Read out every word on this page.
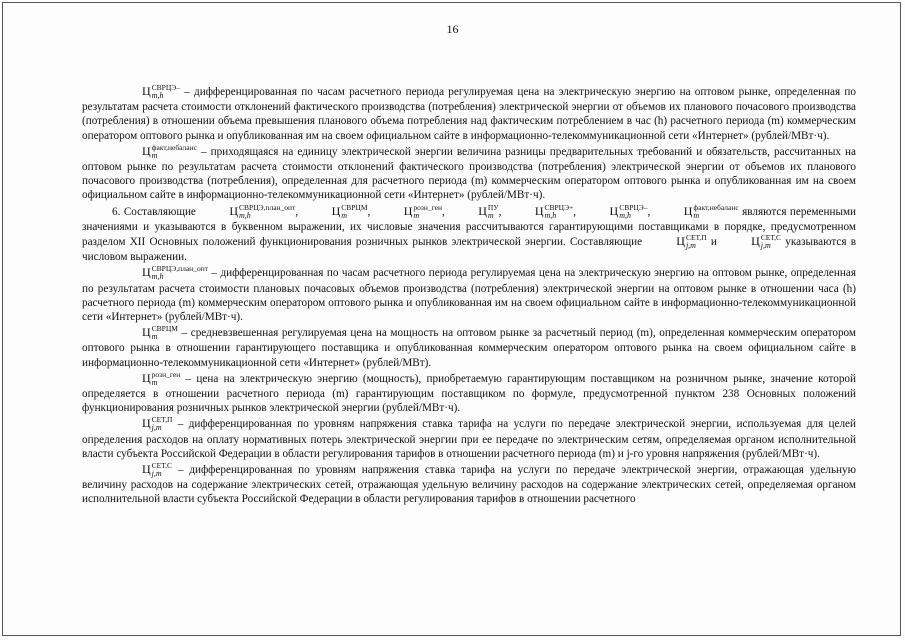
16

$Ц^{СВРЦЭ-}_{m,h}$ – дифференцированная по часам расчетного периода регулируемая цена на электрическую энергию на оптовом рынке, определенная по результатам расчета стоимости отклонений фактического производства (потребления) электрической энергии от объемов их планового почасового производства (потребления) в отношении объема превышения планового объема потребления над фактическим потреблением в час (h) расчетного периода (m) коммерческим оператором оптового рынка и опубликованная им на своем официальном сайте в информационно-телекоммуникационной сети «Интернет» (рублей/МВт·ч).

$Ц^{факт,небаланс}_m$	– приходящаяся на единицу электрической энергии величина разницы предварительных требований и обязательств, рассчитанных на оптовом рынке по результатам расчета стоимости отклонений фактического производства (потребления) электрической энергии от объемов их планового почасового производства (потребления), определенная для расчетного периода (m) коммерческим оператором оптового рынка и опубликованная им на своем официальном сайте в информационно-телекоммуникационной сети «Интернет» (рублей/МВт·ч).

6. Составляющие	$Ц^{СВРЦЭ,план\_опт}_{m,h}$	,	$Ц^{СВРЦМ}_m$ ,	$Ц^{розн\_ген}_m$ ,	$Ц^{ПУ}_m$ ,	$Ц^{СВРЦЭ+}_{m,h}$ ,	$Ц^{СВРЦЭ-}_{m,h}$ ,	$Ц^{факт,небаланс}_m$	являются переменными значениями и указываются в буквенном выражении, их числовые значения рассчитываются гарантирующими поставщиками в порядке, предусмотренном разделом XII Основных положений функционирования розничных рынков электрической энергии. Составляющие	$Ц^{СЕТ,П}_{j,m}$ и	$Ц^{СЕТ,С}_{j,m}$ указываются в числовом выражении.

$Ц^{СВРЦЭ,план\_опт}_{m,h}$	– дифференцированная по часам расчетного периода регулируемая цена на электрическую энергию на оптовом рынке, определенная по результатам расчета стоимости плановых почасовых объемов производства (потребления) электрической энергии на оптовом рынке в отношении часа (h) расчетного периода (m) коммерческим оператором оптового рынка и опубликованная им на своем официальном сайте в информационно-телекоммуникационной сети «Интернет» (рублей/МВт·ч).

$Ц^{СВРЦМ}_m$ – средневзвешенная регулируемая цена на мощность на оптовом рынке за расчетный период (m), определенная коммерческим оператором оптового рынка в отношении гарантирующего поставщика и опубликованная коммерческим оператором оптового рынка на своем официальном сайте в информационно-телекоммуникационной сети «Интернет» (рублей/МВт).

$Ц^{розн\_ген}_m$ – цена на электрическую энергию (мощность), приобретаемую гарантирующим поставщиком на розничном рынке, значение которой определяется в отношении расчетного периода (m) гарантирующим поставщиком по формуле, предусмотренной пунктом 238 Основных положений функционирования розничных рынков электрической энергии (рублей/МВт·ч).

$Ц^{СЕТ,П}_{j,m}$ – дифференцированная по уровням напряжения ставка тарифа на услуги по передаче электрической энергии, используемая для целей определения расходов на оплату нормативных потерь электрической энергии при ее передаче по электрическим сетям, определяемая органом исполнительной власти субъекта Российской Федерации в области регулирования тарифов в отношении расчетного периода (m) и j-го уровня напряжения (рублей/МВт·ч).

$Ц^{СЕТ,С}_{j,m}$ – дифференцированная по уровням напряжения ставка тарифа на услуги по передаче электрической энергии, отражающая удельную величину расходов на содержание электрических сетей, отражающая удельную величину расходов на содержание электрических сетей, определяемая органом исполнительной власти субъекта Российской Федерации в области регулирования тарифов в отношении расчетного
